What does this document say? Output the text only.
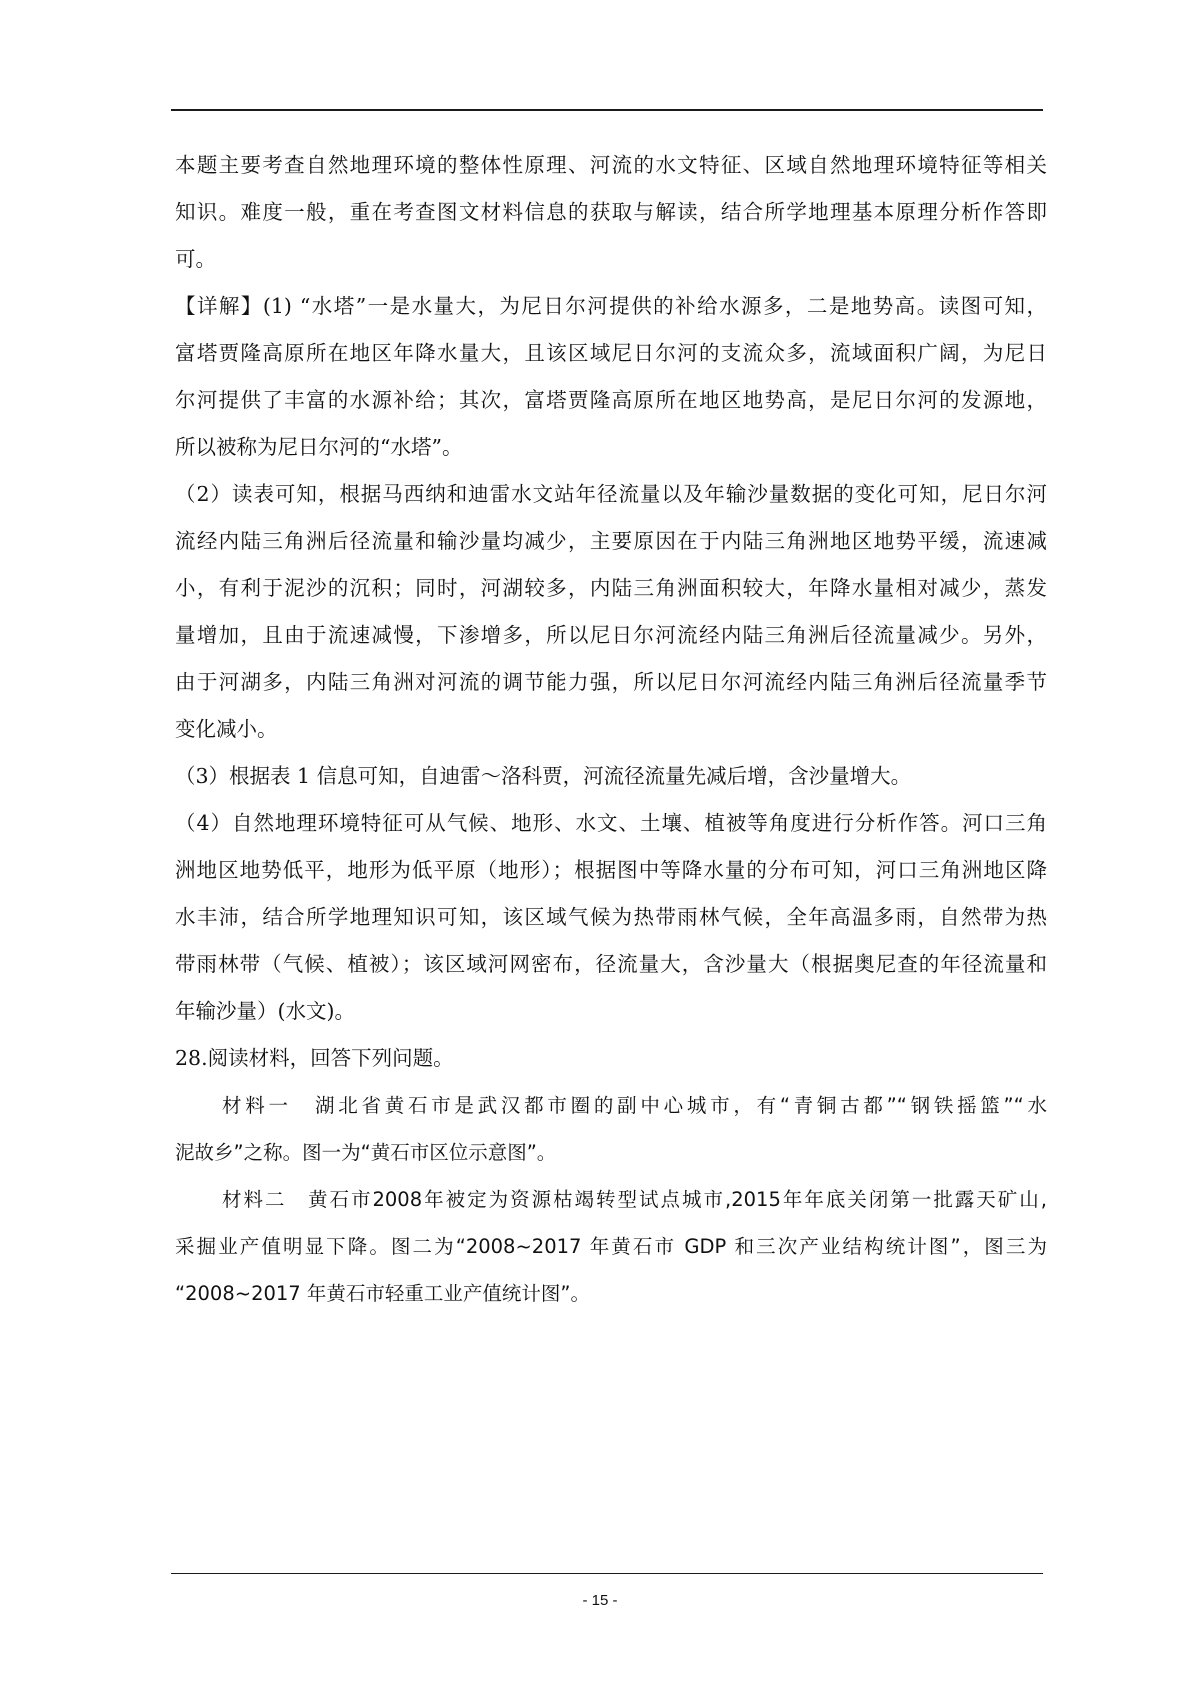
本题主要考查自然地理环境的整体性原理、河流的水文特征、区域自然地理环境特征等相关
知识。难度一般，重在考查图文材料信息的获取与解读，结合所学地理基本原理分析作答即
可。
【详解】(1) “水塔”一是水量大，为尼日尔河提供的补给水源多，二是地势高。读图可知，
富塔贾隆高原所在地区年降水量大，且该区域尼日尔河的支流众多，流域面积广阔，为尼日
尔河提供了丰富的水源补给；其次，富塔贾隆高原所在地区地势高，是尼日尔河的发源地，
所以被称为尼日尔河的“水塔”。
（2）读表可知，根据马西纳和迪雷水文站年径流量以及年输沙量数据的变化可知，尼日尔河
流经内陆三角洲后径流量和输沙量均减少，主要原因在于内陆三角洲地区地势平缓，流速减
小，有利于泥沙的沉积；同时，河湖较多，内陆三角洲面积较大，年降水量相对减少，蒸发
量增加，且由于流速减慢，下渗增多，所以尼日尔河流经内陆三角洲后径流量减少。另外，
由于河湖多，内陆三角洲对河流的调节能力强，所以尼日尔河流经内陆三角洲后径流量季节
变化减小。
（3）根据表 1 信息可知，自迪雷～洛科贾，河流径流量先减后增，含沙量增大。
（4）自然地理环境特征可从气候、地形、水文、土壤、植被等角度进行分析作答。河口三角
洲地区地势低平，地形为低平原（地形）；根据图中等降水量的分布可知，河口三角洲地区降
水丰沛，结合所学地理知识可知，该区域气候为热带雨林气候，全年高温多雨，自然带为热
带雨林带（气候、植被）；该区域河网密布，径流量大，含沙量大（根据奥尼查的年径流量和
年输沙量）(水文)。
28.阅读材料，回答下列问题。
材料一　湖北省黄石市是武汉都市圈的副中心城市，有“青铜古都”“钢铁摇篮”“水
泥故乡”之称。图一为“黄石市区位示意图”。
材料二　黄石市2008年被定为资源枯竭转型试点城市,2015年年底关闭第一批露天矿山,
采掘业产值明显下降。图二为“2008~2017 年黄石市 GDP 和三次产业结构统计图”，图三为
“2008~2017 年黄石市轻重工业产值统计图”。
- 15 -
